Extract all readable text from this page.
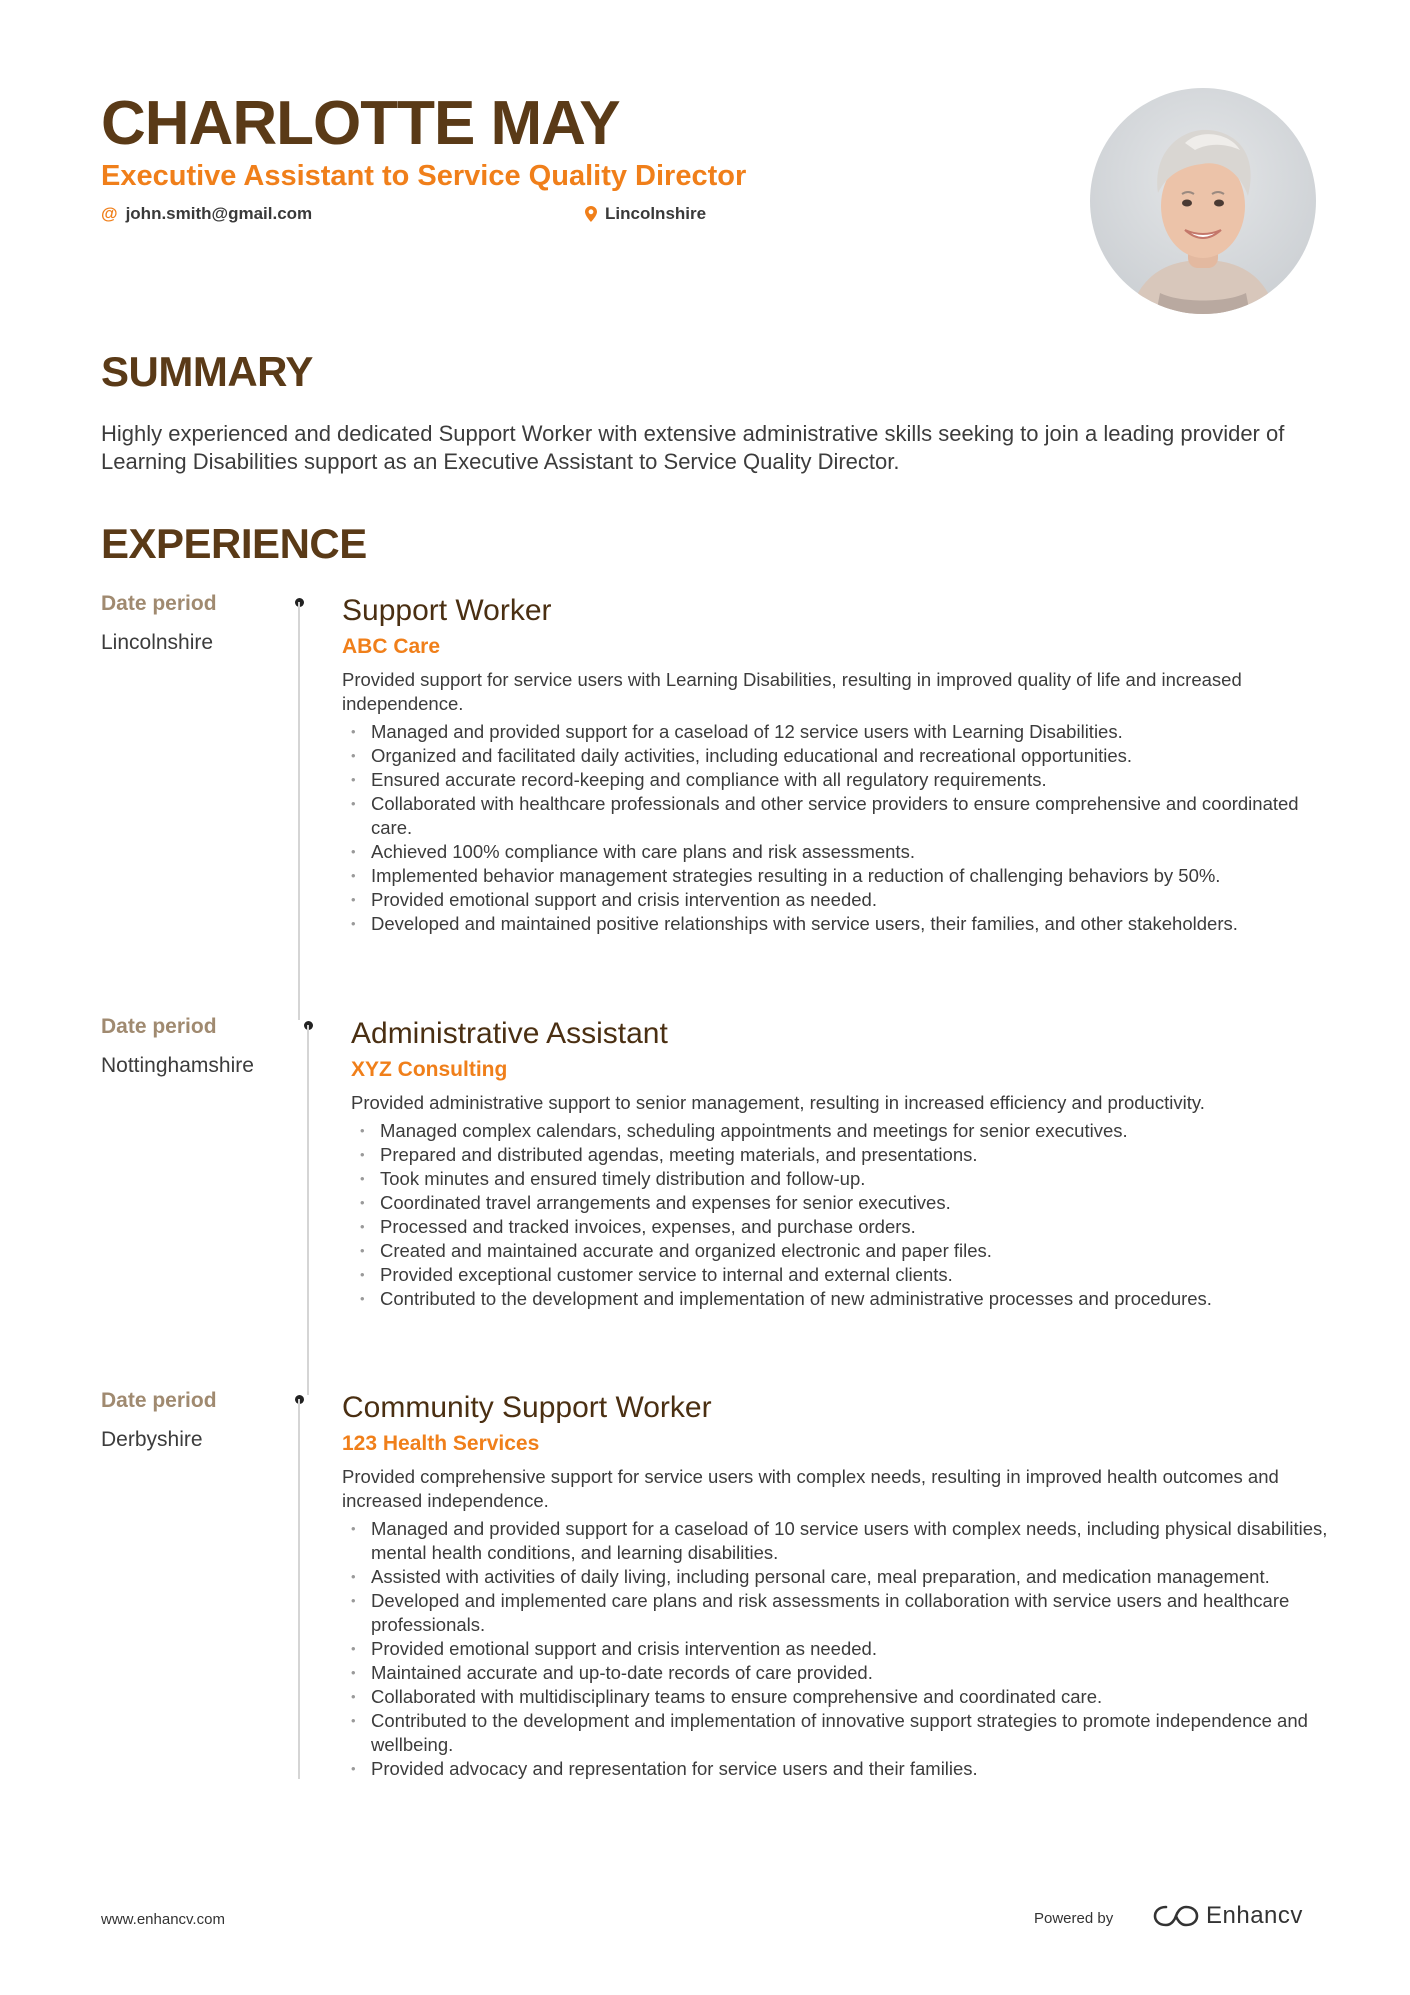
CHARLOTTE MAY
Executive Assistant to Service Quality Director
@ john.smith@gmail.com	Lincolnshire
SUMMARY

Highly experienced and dedicated Support Worker with extensive administrative skills seeking to join a leading provider of Learning Disabilities support as an Executive Assistant to Service Quality Director.

EXPERIENCE
Date period
Lincolnshire
Support Worker
ABC Care

Provided support for service users with Learning Disabilities, resulting in improved quality of life and increased independence.

• Managed and provided support for a caseload of 12 service users with Learning Disabilities.
• Organized and facilitated daily activities, including educational and recreational opportunities.
• Ensured accurate record-keeping and compliance with all regulatory requirements.
• Collaborated with healthcare professionals and other service providers to ensure comprehensive and coordinated care.
• Achieved 100% compliance with care plans and risk assessments.
• Implemented behavior management strategies resulting in a reduction of challenging behaviors by 50%.
• Provided emotional support and crisis intervention as needed.
• Developed and maintained positive relationships with service users, their families, and other stakeholders.
Date period
Nottinghamshire
Administrative Assistant
XYZ Consulting

Provided administrative support to senior management, resulting in increased efficiency and productivity.

• Managed complex calendars, scheduling appointments and meetings for senior executives.
• Prepared and distributed agendas, meeting materials, and presentations.
• Took minutes and ensured timely distribution and follow-up.
• Coordinated travel arrangements and expenses for senior executives.
• Processed and tracked invoices, expenses, and purchase orders.
• Created and maintained accurate and organized electronic and paper files.
• Provided exceptional customer service to internal and external clients.
• Contributed to the development and implementation of new administrative processes and procedures.
Date period
Derbyshire
Community Support Worker
123 Health Services

Provided comprehensive support for service users with complex needs, resulting in improved health outcomes and increased independence.

• Managed and provided support for a caseload of 10 service users with complex needs, including physical disabilities, mental health conditions, and learning disabilities.
• Assisted with activities of daily living, including personal care, meal preparation, and medication management.
• Developed and implemented care plans and risk assessments in collaboration with service users and healthcare professionals.
• Provided emotional support and crisis intervention as needed.
• Maintained accurate and up-to-date records of care provided.
• Collaborated with multidisciplinary teams to ensure comprehensive and coordinated care.
• Contributed to the development and implementation of innovative support strategies to promote independence and wellbeing.
• Provided advocacy and representation for service users and their families.
www.enhancv.com	Powered by	Enhancv
